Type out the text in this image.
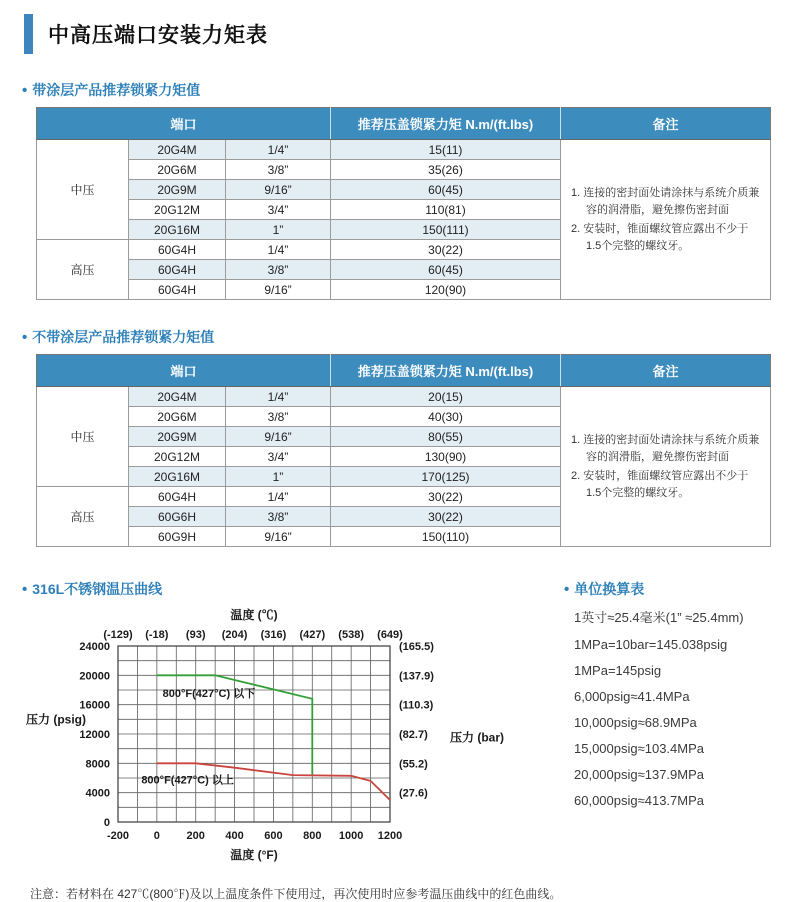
中高压端口安装力矩表
• 带涂层产品推荐锁紧力矩值
端口			推荐压盖锁紧力矩 N.m/(ft.lbs)	备注
中压	20G4M	1/4”	15(11)	1. 连接的密封面处请涂抹与系统介质兼容的润滑脂，避免擦伤密封面
2. 安装时，锥面螺纹管应露出不少于1.5个完整的螺纹牙。

	20G6M	3/8”	35(26)	
	20G9M	9/16”	60(45)	
	20G12M	3/4”	110(81)	
	20G16M	1”	150(111)	
高压	60G4H	1/4”	30(22)	
	60G4H	3/8”	60(45)	
	60G4H	9/16”	120(90)	
• 不带涂层产品推荐锁紧力矩值
端口			推荐压盖锁紧力矩 N.m/(ft.lbs)	备注
中压	20G4M	1/4”	20(15)	1. 连接的密封面处请涂抹与系统介质兼容的润滑脂，避免擦伤密封面
2. 安装时，锥面螺纹管应露出不少于1.5个完整的螺纹牙。

	20G6M	3/8”	40(30)	
	20G9M	9/16”	80(55)	
	20G12M	3/4”	130(90)	
	20G16M	1”	170(125)	
高压	60G4H	1/4”	30(22)	
	60G6H	3/8”	30(22)	
	60G9H	9/16”	150(110)	
• 316L不锈钢温压曲线
温度 (℃)
(-129) (-18) (93) (204) (316) (427) (538) (649)
-200 0 200 400 600 800 1000 1200
温度 (°F)
0
4000
8000
12000
16000
20000
24000
压力 (psig)
(165.5)
(137.9)
(110.3)
(82.7)
(55.2)
(27.6)
压力 (bar)
800°F(427°C) 以下
800°F(427°C) 以上
• 单位换算表
1英寸≈25.4毫米(1” ≈25.4mm)
1MPa=10bar=145.038psig
1MPa=145psig
6,000psig≈41.4MPa
10,000psig≈68.9MPa
15,000psig≈103.4MPa
20,000psig≈137.9MPa
60,000psig≈413.7MPa
注意：若材料在 427℃(800℉)及以上温度条件下使用过，再次使用时应参考温压曲线中的红色曲线。
